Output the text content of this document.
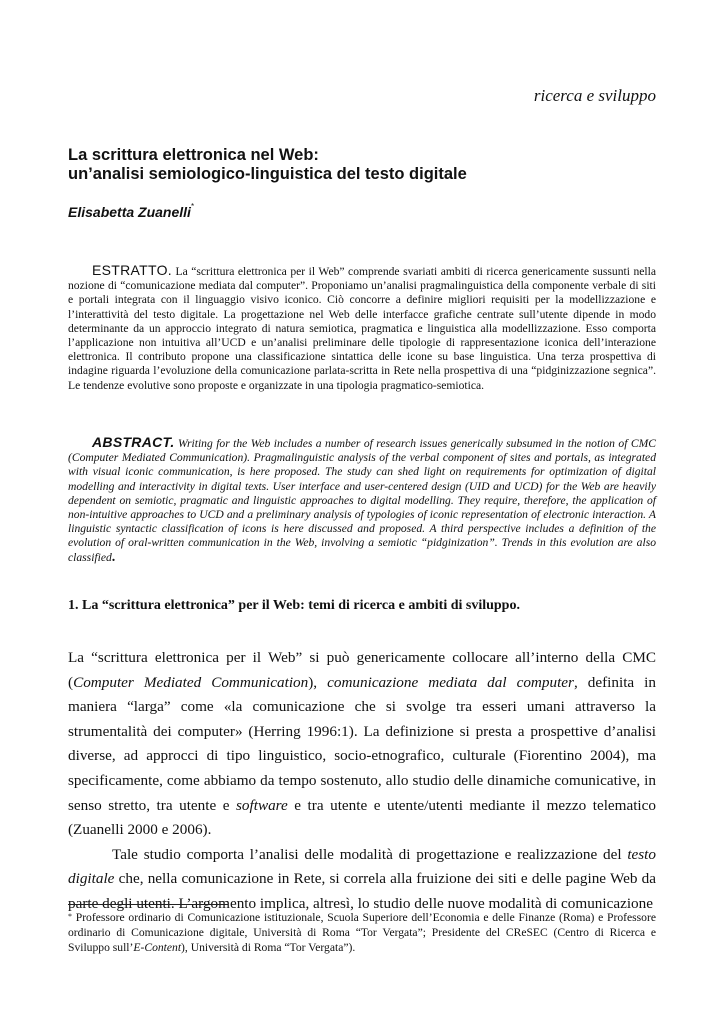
ricerca e sviluppo
La scrittura elettronica nel Web:
un’analisi semiologico-linguistica del testo digitale
Elisabetta Zuanelli*

ESTRATTO. La “scrittura elettronica per il Web” comprende svariati ambiti di ricerca genericamente sussunti nella nozione di “comunicazione mediata dal computer”. Proponiamo un’analisi pragmalinguistica della componente verbale di siti e portali integrata con il linguaggio visivo iconico. Ciò concorre a definire migliori requisiti per la modellizzazione e l’interattività del testo digitale. La progettazione nel Web delle interfacce grafiche centrate sull’utente dipende in modo determinante da un approccio integrato di natura semiotica, pragmatica e linguistica alla modellizzazione. Esso comporta l’applicazione non intuitiva all’UCD e un’analisi preliminare delle tipologie di rappresentazione iconica dell’interazione elettronica. Il contributo propone una classificazione sintattica delle icone su base linguistica. Una terza prospettiva di indagine riguarda l’evoluzione della comunicazione parlata-scritta in Rete nella prospettiva di una “pidginizzazione segnica”. Le tendenze evolutive sono proposte e organizzate in una tipologia pragmatico-semiotica.

ABSTRACT. Writing for the Web includes a number of research issues generically subsumed in the notion of CMC (Computer Mediated Communication). Pragmalinguistic analysis of the verbal component of sites and portals, as integrated with visual iconic communication, is here proposed. The study can shed light on requirements for optimization of digital modelling and interactivity in digital texts. User interface and user-centered design (UID and UCD) for the Web are heavily dependent on semiotic, pragmatic and linguistic approaches to digital modelling. They require, therefore, the application of non-intuitive approaches to UCD and a preliminary analysis of typologies of iconic representation of electronic interaction. A linguistic syntactic classification of icons is here discussed and proposed. A third perspective includes a definition of the evolution of oral-written communication in the Web, involving a semiotic “pidginization”. Trends in this evolution are also classified.

1. La “scrittura elettronica” per il Web: temi di ricerca e ambiti di sviluppo.

La “scrittura elettronica per il Web” si può genericamente collocare all’interno della CMC (Computer Mediated Communication), comunicazione mediata dal computer, definita in maniera “larga” come «la comunicazione che si svolge tra esseri umani attraverso la strumentalità dei computer» (Herring 1996:1). La definizione si presta a prospettive d’analisi diverse, ad approcci di tipo linguistico, socio-etnografico, culturale (Fiorentino 2004), ma specificamente, come abbiamo da tempo sostenuto, allo studio delle dinamiche comunicative, in senso stretto, tra utente e software e tra utente e utente/utenti mediante il mezzo telematico (Zuanelli 2000 e 2006).

Tale studio comporta l’analisi delle modalità di progettazione e realizzazione del testo digitale che, nella comunicazione in Rete, si correla alla fruizione dei siti e delle pagine Web da parte degli utenti. L’argomento implica, altresì, lo studio delle nuove modalità di comunicazione

* Professore ordinario di Comunicazione istituzionale, Scuola Superiore dell’Economia e delle Finanze (Roma) e Professore ordinario di Comunicazione digitale, Università di Roma “Tor Vergata”; Presidente del CReSEC (Centro di Ricerca e Sviluppo sull’E-Content), Università di Roma “Tor Vergata”).
